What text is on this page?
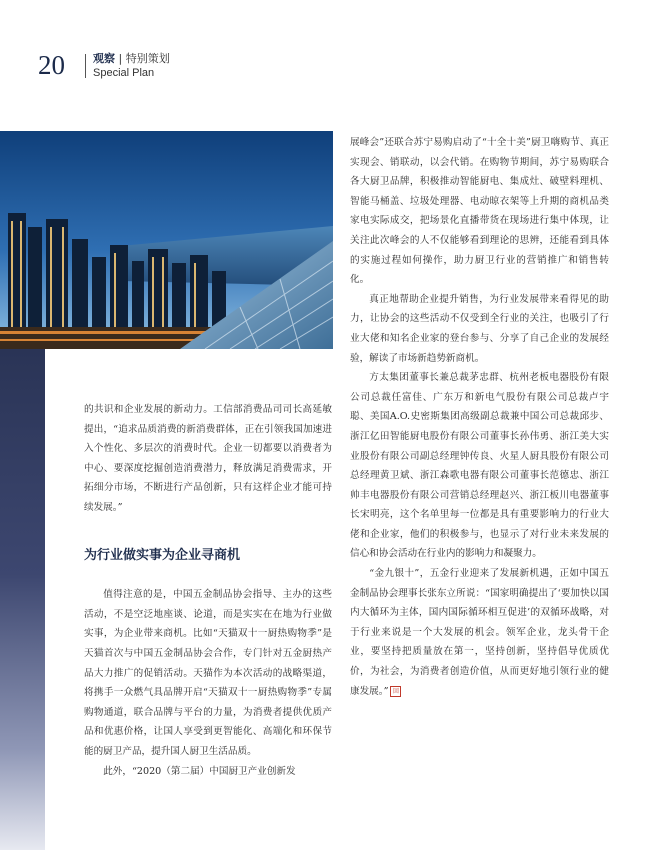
20	观察 | 特别策划
Special Plan

的共识和企业发展的新动力。工信部消费品司司长高延敏提出，“追求品质消费的新消费群体，正在引领我国加速进入个性化、多层次的消费时代。企业一切都要以消费者为中心、要深度挖掘创造消费潜力，释放满足消费需求，开拓细分市场，不断进行产品创新，只有这样企业才能可持续发展。”

为行业做实事为企业寻商机

值得注意的是，中国五金制品协会指导、主办的这些活动，不是空泛地座谈、论道，而是实实在在地为行业做实事，为企业带来商机。比如“天猫双十一厨热购物季”是天猫首次与中国五金制品协会合作，专门针对五金厨热产品大力推广的促销活动。天猫作为本次活动的战略渠道，将携手一众燃气具品牌开启“天猫双十一厨热购物季”专属购物通道，联合品牌与平台的力量，为消费者提供优质产品和优惠价格，让国人享受到更智能化、高端化和环保节能的厨卫产品，提升国人厨卫生活品质。

此外，“2020（第二届）中国厨卫产业创新发

展峰会”还联合苏宁易购启动了“十全十美”厨卫嗨购节、真正实现会、销联动，以会代销。在购物节期间，苏宁易购联合各大厨卫品牌，积极推动智能厨电、集成灶、破壁料理机、智能马桶盖、垃圾处理器、电动晾衣架等上升期的商机品类家电实际成交，把场景化直播带货在现场进行集中体现，让关注此次峰会的人不仅能够看到理论的思辨，还能看到具体的实施过程如何操作，助力厨卫行业的营销推广和销售转化。

真正地帮助企业提升销售，为行业发展带来看得见的助力，让协会的这些活动不仅受到全行业的关注，也吸引了行业大佬和知名企业家的登台参与、分享了自己企业的发展经验，解读了市场新趋势新商机。

方太集团董事长兼总裁茅忠群、杭州老板电器股份有限公司总裁任富佳、广东万和新电气股份有限公司总裁卢宇聪、美国A.O.史密斯集团高级副总裁兼中国公司总裁邱步、浙江亿田智能厨电股份有限公司董事长孙伟勇、浙江美大实业股份有限公司副总经理钟传良、火星人厨具股份有限公司总经理黄卫斌、浙江森歌电器有限公司董事长范德忠、浙江帅丰电器股份有限公司营销总经理赵兴、浙江板川电器董事长宋明亮，这个名单里每一位都是具有重要影响力的行业大佬和企业家，他们的积极参与，也显示了对行业未来发展的信心和协会活动在行业内的影响力和凝聚力。

“金九银十”，五金行业迎来了发展新机遇，正如中国五金制品协会理事长张东立所说：“国家明确提出了‘要加快以国内大循环为主体，国内国际循环相互促进’的双循环战略，对于行业来说是一个大发展的机会。领军企业，龙头骨干企业，要坚持把质量放在第一，坚持创新，坚持倡导优质优价，为社会，为消费者创造价值，从而更好地引领行业的健康发展。” 回
